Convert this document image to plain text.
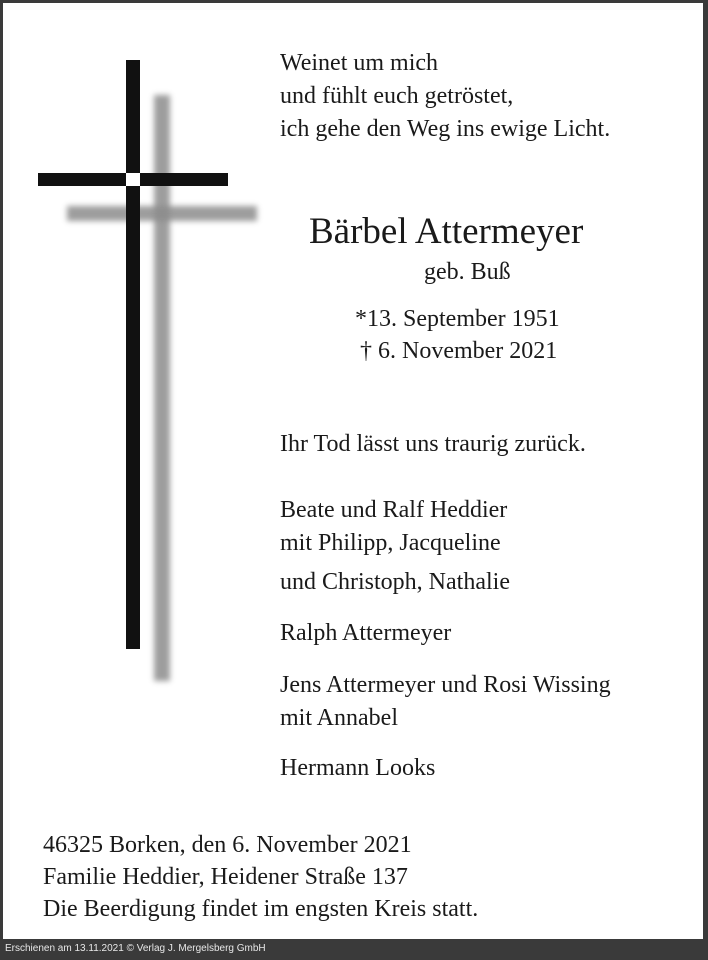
Weinet um mich
und fühlt euch getröstet,
ich gehe den Weg ins ewige Licht.
Bärbel Attermeyer
geb. Buß
*13. September 1951
† 6. November 2021
Ihr Tod lässt uns traurig zurück.
Beate und Ralf Heddier
mit Philipp, Jacqueline
und Christoph, Nathalie
Ralph Attermeyer
Jens Attermeyer und Rosi Wissing
mit Annabel
Hermann Looks
46325 Borken, den 6. November 2021
Familie Heddier, Heidener Straße 137
Die Beerdigung findet im engsten Kreis statt.
Erschienen am 13.11.2021 © Verlag J. Mergelsberg GmbH
